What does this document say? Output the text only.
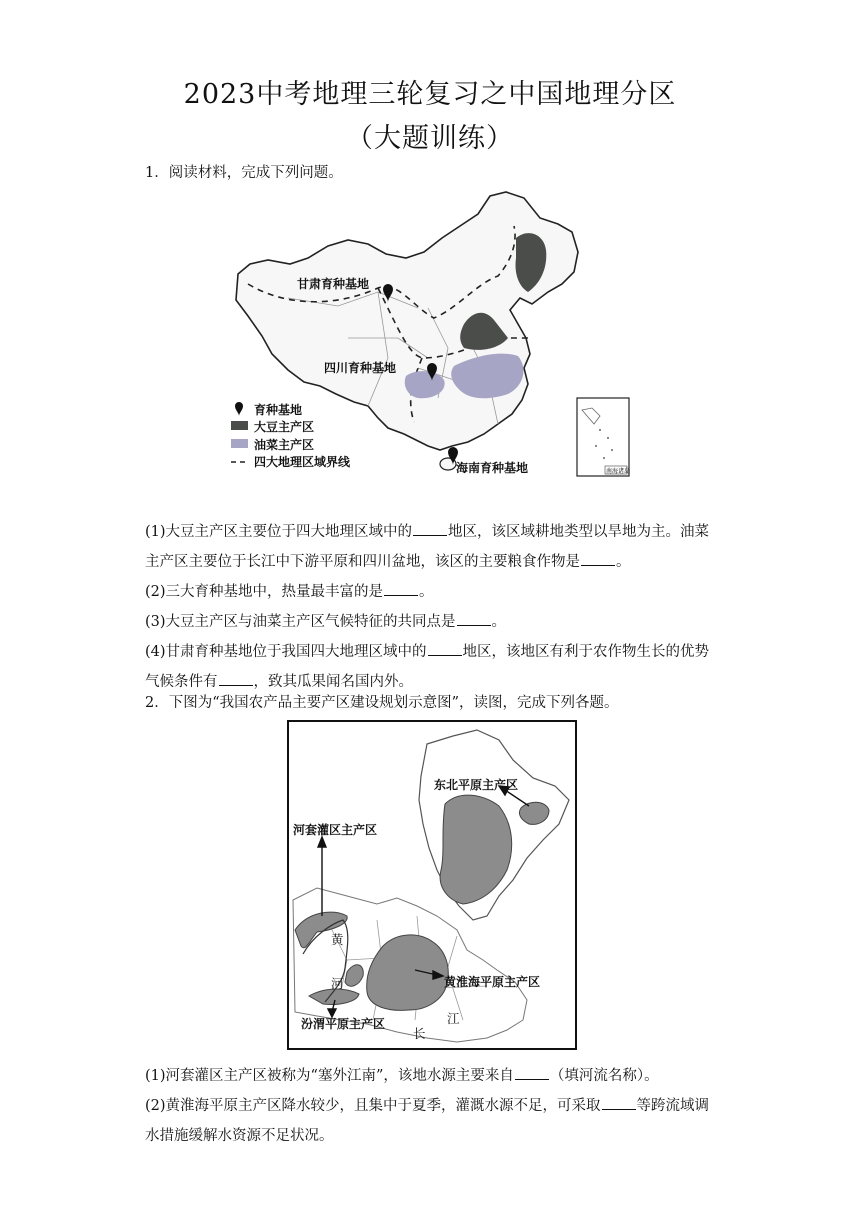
2023中考地理三轮复习之中国地理分区
（大题训练）
1．阅读材料，完成下列问题。
甘肃育种基地
四川育种基地
海南育种基地
育种基地
大豆主产区
油菜主产区
四大地理区域界线
南海诸岛
(1)大豆主产区主要位于四大地理区域中的 地区，该区域耕地类型以旱地为主。油菜
主产区主要位于长江中下游平原和四川盆地，该区的主要粮食作物是 。
(2)三大育种基地中，热量最丰富的是 。
(3)大豆主产区与油菜主产区气候特征的共同点是 。
(4)甘肃育种基地位于我国四大地理区域中的 地区，该地区有利于农作物生长的优势
气候条件有 ，致其瓜果闻名国内外。
2．下图为“我国农产品主要产区建设规划示意图”，读图，完成下列各题。
东北平原主产区
河套灌区主产区
黄淮海平原主产区
汾渭平原主产区
黄
河
长
江
(1)河套灌区主产区被称为“塞外江南”，该地水源主要来自 （填河流名称）。
(2)黄淮海平原主产区降水较少，且集中于夏季，灌溉水源不足，可采取 等跨流域调
水措施缓解水资源不足状况。
